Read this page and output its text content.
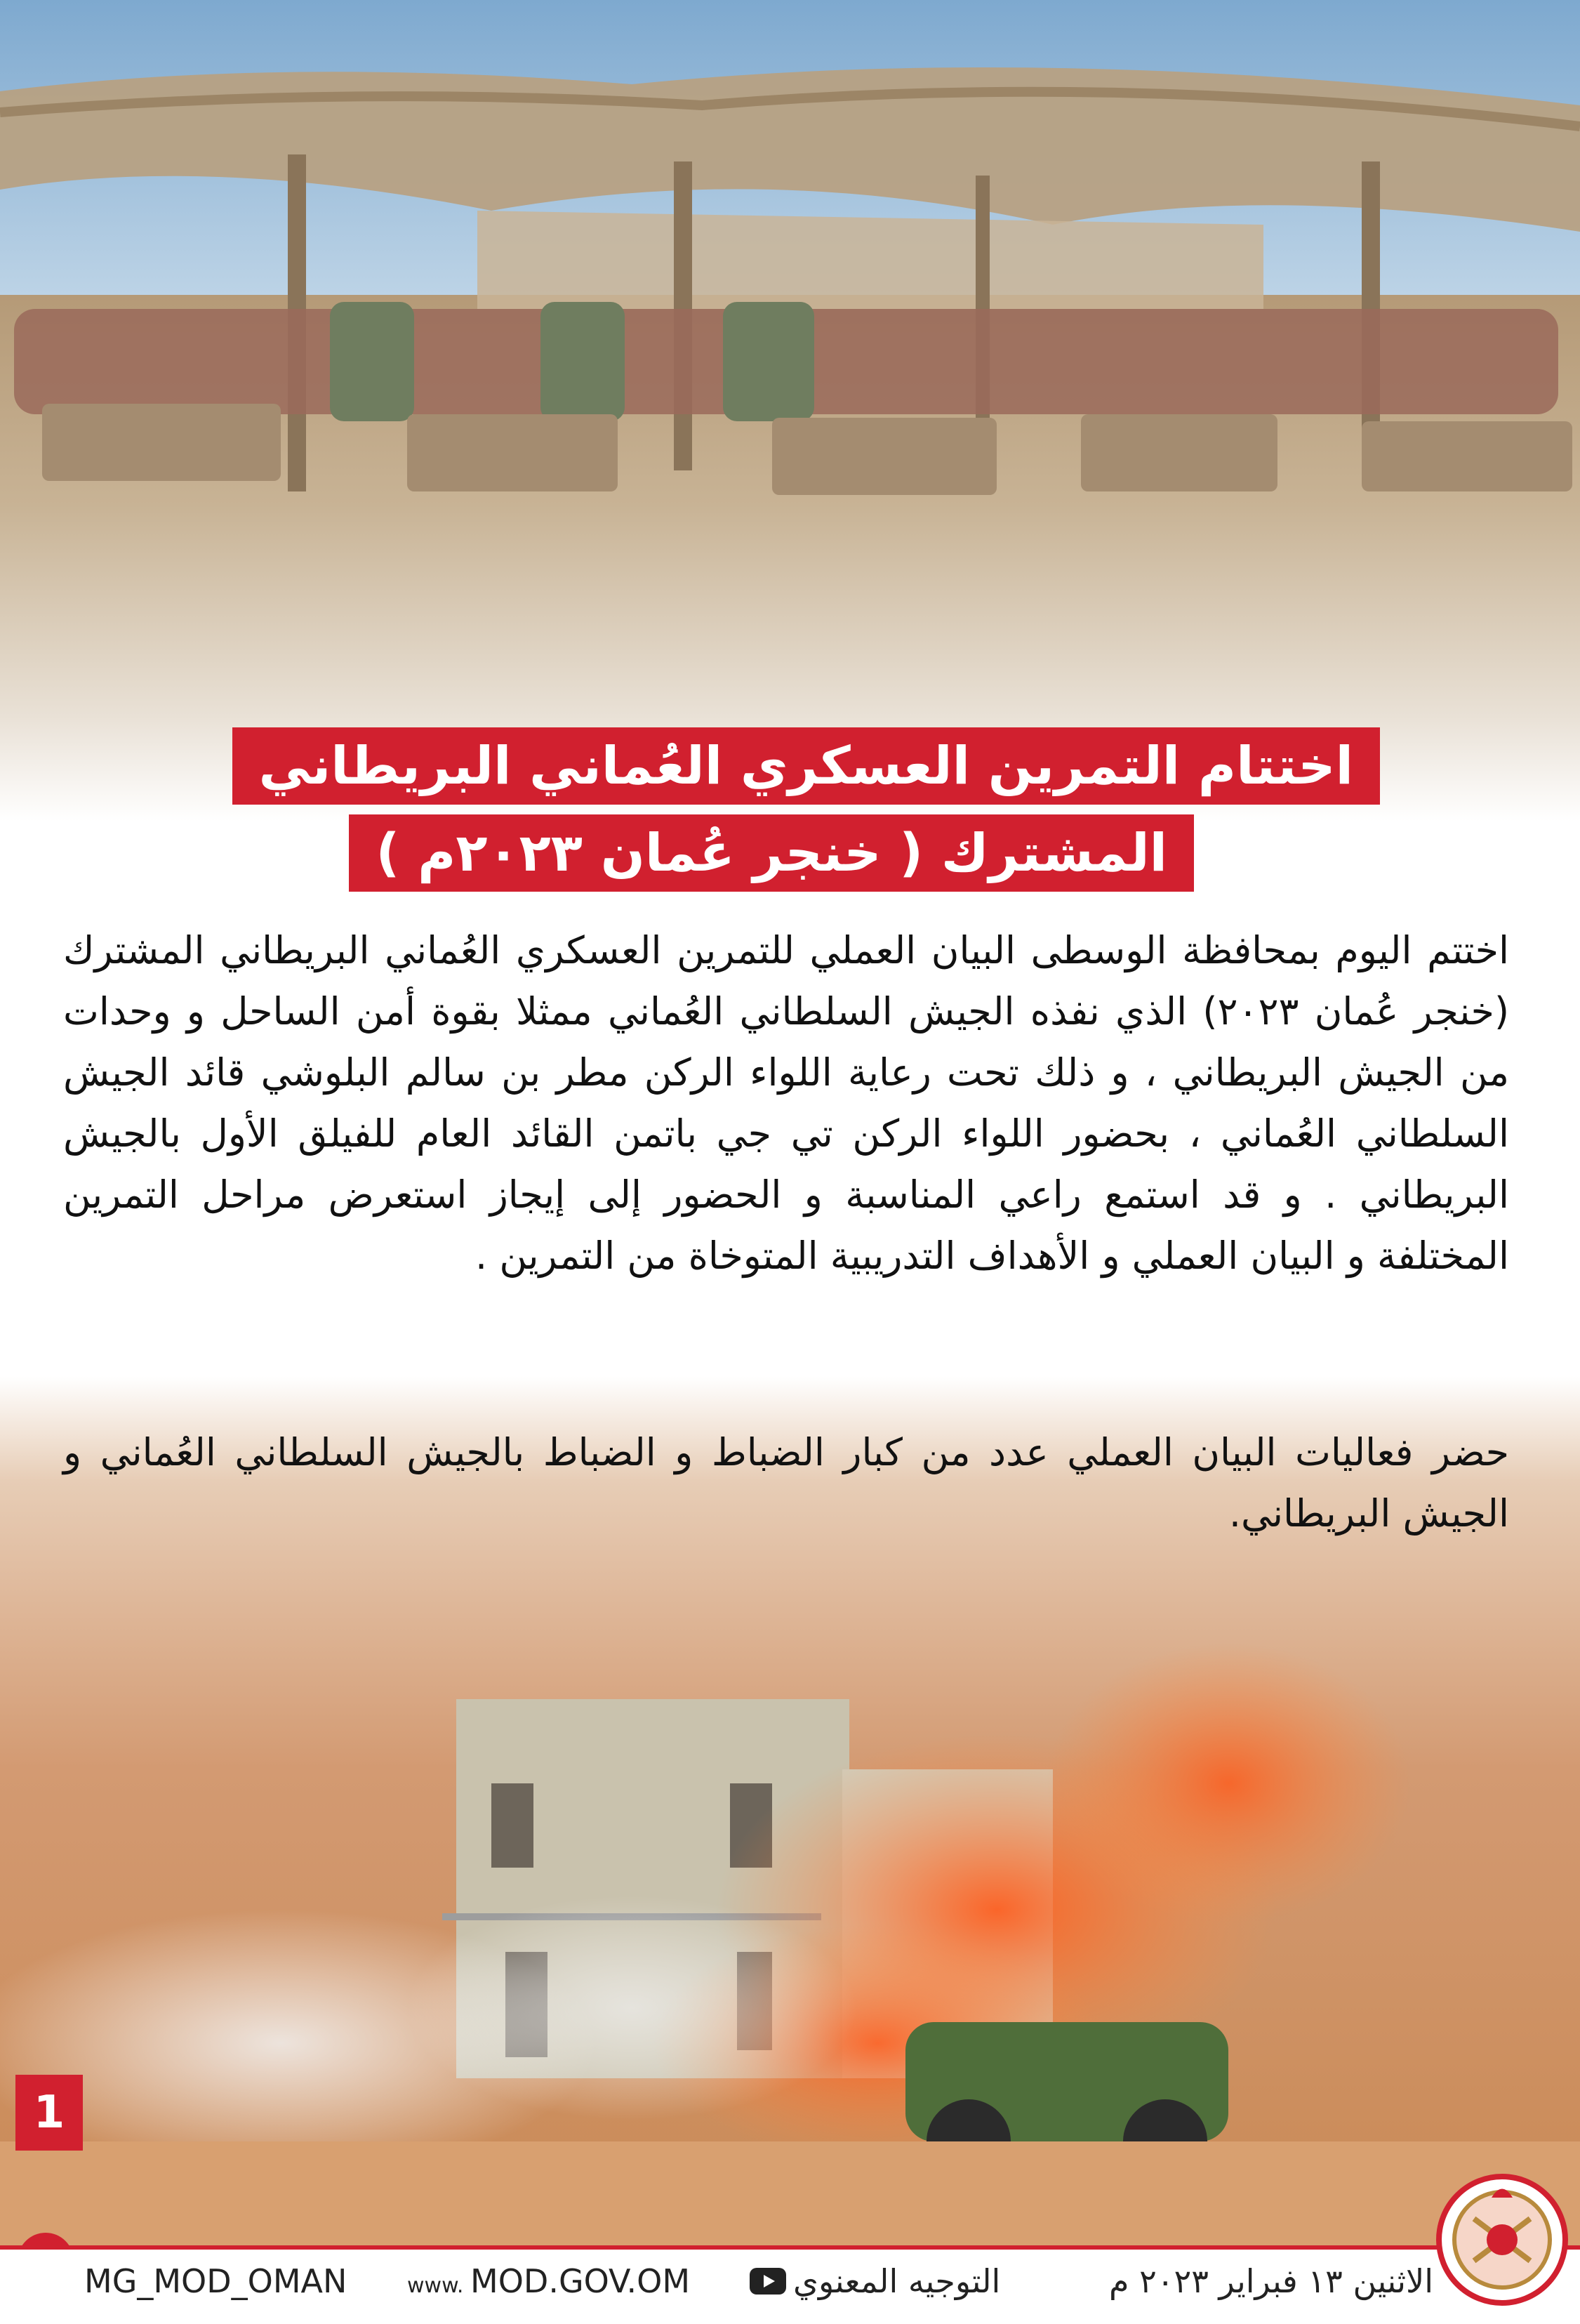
اختتام التمرين العسكري العُماني البريطاني
المشترك ( خنجر عُمان ٢٠٢٣م )
اختتم اليوم بمحافظة الوسطى البيان العملي للتمرين العسكري العُماني البريطاني المشترك (خنجر عُمان ٢٠٢٣) الذي نفذه الجيش السلطاني العُماني ممثلا بقوة أمن الساحل و وحدات من الجيش البريطاني ، و ذلك تحت رعاية اللواء الركن مطر بن سالم البلوشي قائد الجيش السلطاني العُماني ، بحضور اللواء الركن تي جي باتمن القائد العام للفيلق الأول بالجيش البريطاني . و قد استمع راعي المناسبة و الحضور إلى إيجاز استعرض مراحل التمرين المختلفة و البيان العملي و الأهداف التدريبية المتوخاة من التمرين .
حضر فعاليات البيان العملي عدد من كبار الضباط و الضباط بالجيش السلطاني العُماني و الجيش البريطاني.
1
MG_MOD_OMAN	www. MOD.GOV.OM	التوجيه المعنوي	الاثنين ١٣ فبراير ٢٠٢٣ م
